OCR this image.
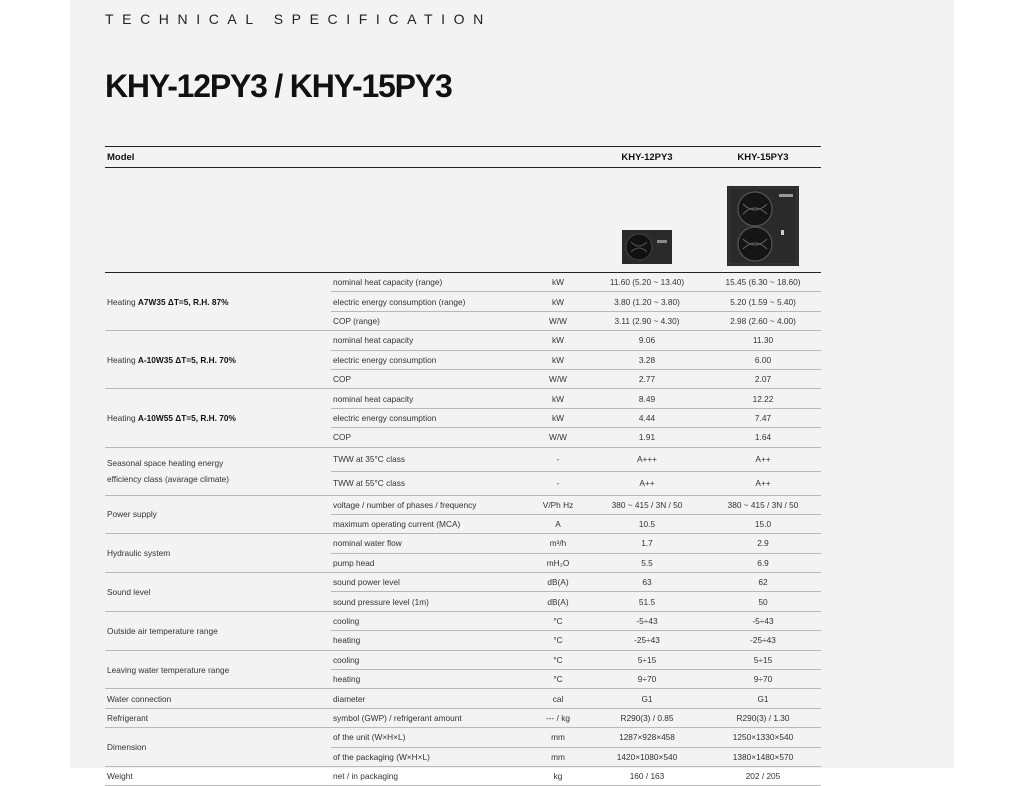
TECHNICAL SPECIFICATION
KHY-12PY3 / KHY-15PY3
Model			KHY-12PY3	KHY-15PY3

Heating A7W35 ΔT=5, R.H. 87%	nominal heat capacity (range)	kW	11.60 (5.20 ~ 13.40)	15.45 (6.30 ~ 18.60)
	electric energy consumption (range)	kW	3.80 (1.20 ~ 3.80)	5.20 (1.59 ~ 5.40)
	COP (range)	W/W	3.11 (2.90 ~ 4.30)	2.98 (2.60 ~ 4.00)
Heating A-10W35 ΔT=5, R.H. 70%	nominal heat capacity	kW	9.06	11.30
	electric energy consumption	kW	3.28	6.00
	COP	W/W	2.77	2.07
Heating A-10W55 ΔT=5, R.H. 70%	nominal heat capacity	kW	8.49	12.22
	electric energy consumption	kW	4.44	7.47
	COP	W/W	1.91	1.64
Seasonal space heating energy
efficiency class (avarage climate)	TWW at 35°C class	-	A+++	A++
	TWW at 55°C class	-	A++	A++
Power supply	voltage / number of phases / frequency	V/Ph Hz	380 ~ 415 / 3N / 50	380 ~ 415 / 3N / 50
	maximum operating current (MCA)	A	10.5	15.0
Hydraulic system	nominal water flow	m³/h	1.7	2.9
	pump head	mH₂O	5.5	6.9
Sound level	sound power level	dB(A)	63	62
	sound pressure level (1m)	dB(A)	51.5	50
Outside air temperature range	cooling	°C	-5÷43	-5÷43
	heating	°C	-25÷43	-25÷43
Leaving water temperature range	cooling	°C	5÷15	5÷15
	heating	°C	9÷70	9÷70
Water connection	diameter	cal	G1	G1
Refrigerant	symbol (GWP) / refrigerant amount	--- / kg	R290(3) / 0.85	R290(3) / 1.30
Dimension	of the unit (W×H×L)	mm	1287×928×458	1250×1330×540
	of the packaging (W×H×L)	mm	1420×1080×540	1380×1480×570
Weight	net / in packaging	kg	160 / 163	202 / 205
